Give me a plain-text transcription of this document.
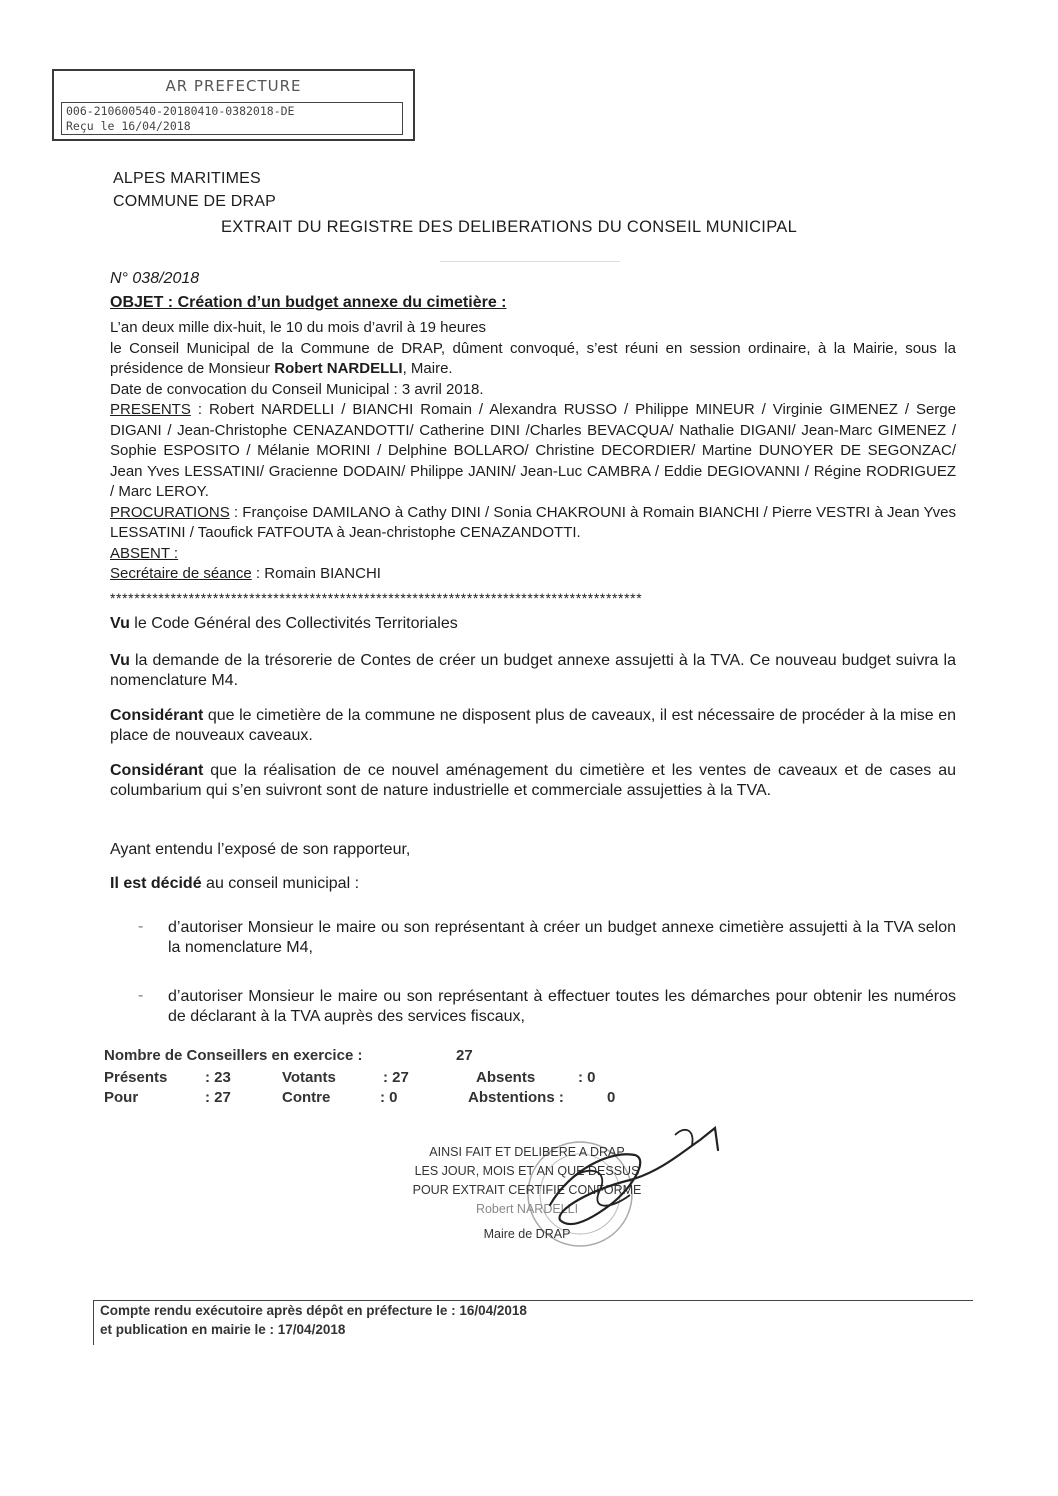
AR PREFECTURE
006-210600540-20180410-0382018-DE
Reçu le 16/04/2018
ALPES MARITIMES
COMMUNE DE DRAP
EXTRAIT DU REGISTRE DES DELIBERATIONS DU CONSEIL MUNICIPAL
N° 038/2018
OBJET : Création d’un budget annexe du cimetière :
L’an deux mille dix-huit, le 10 du mois d’avril à 19 heures
le Conseil Municipal de la Commune de DRAP, dûment convoqué, s’est réuni en session ordinaire, à la Mairie, sous la présidence de Monsieur Robert NARDELLI, Maire.
Date de convocation du Conseil Municipal : 3 avril 2018.
PRESENTS : Robert NARDELLI / BIANCHI Romain / Alexandra RUSSO / Philippe MINEUR / Virginie GIMENEZ / Serge DIGANI / Jean-Christophe CENAZANDOTTI/ Catherine DINI /Charles BEVACQUA/ Nathalie DIGANI/ Jean-Marc GIMENEZ / Sophie ESPOSITO / Mélanie MORINI / Delphine BOLLARO/ Christine DECORDIER/ Martine DUNOYER DE SEGONZAC/ Jean Yves LESSATINI/ Gracienne DODAIN/ Philippe JANIN/ Jean-Luc CAMBRA / Eddie DEGIOVANNI / Régine RODRIGUEZ / Marc LEROY.
PROCURATIONS : Françoise DAMILANO à Cathy DINI / Sonia CHAKROUNI à Romain BIANCHI / Pierre VESTRI à Jean Yves LESSATINI / Taoufick FATFOUTA à Jean-christophe CENAZANDOTTI.
ABSENT :
Secrétaire de séance : Romain BIANCHI
****************************************************************************************
Vu le Code Général des Collectivités Territoriales
Vu la demande de la trésorerie de Contes de créer un budget annexe assujetti à la TVA. Ce nouveau budget suivra la nomenclature M4.
Considérant que le cimetière de la commune ne disposent plus de caveaux, il est nécessaire de procéder à la mise en place de nouveaux caveaux.
Considérant que la réalisation de ce nouvel aménagement du cimetière et les ventes de caveaux et de cases au columbarium qui s’en suivront sont de nature industrielle et commerciale assujetties à la TVA.
Ayant entendu l’exposé de son rapporteur,
Il est décidé au conseil municipal :
- d’autoriser Monsieur le maire ou son représentant à créer un budget annexe cimetière assujetti à la TVA selon la nomenclature M4,
- d’autoriser Monsieur le maire ou son représentant à effectuer toutes les démarches pour obtenir les numéros de déclarant à la TVA auprès des services fiscaux,
Nombre de Conseillers en exercice :	27
Présents	: 23	Votants	: 27	Absents	: 0
Pour	: 27	Contre	: 0	Abstentions :	0
AINSI FAIT ET DELIBERE A DRAP
LES JOUR, MOIS ET AN QUE DESSUS
POUR EXTRAIT CERTIFIE CONFORME
Robert NARDELLI
Maire de DRAP
Compte rendu exécutoire après dépôt en préfecture le : 16/04/2018
et publication en mairie le : 17/04/2018
